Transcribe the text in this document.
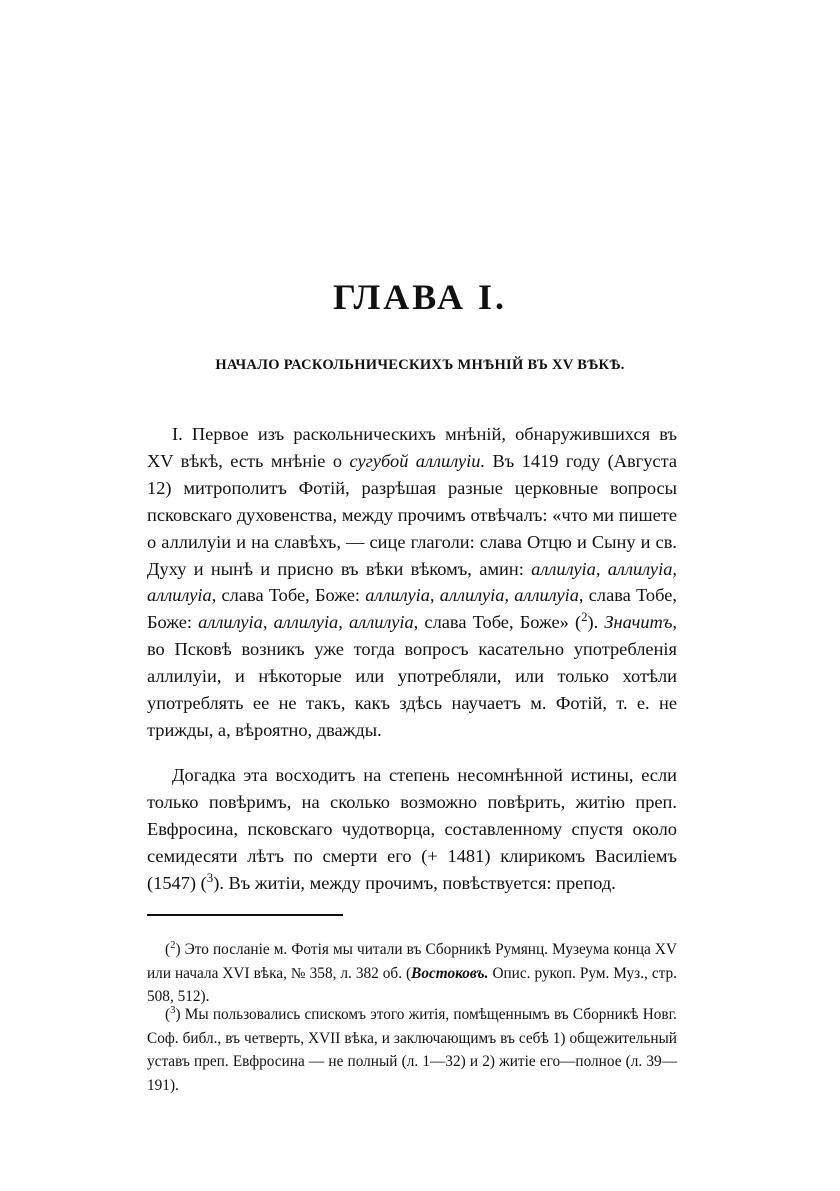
ГЛАВА I.
НАЧАЛО РАСКОЛЬНИЧЕСКИХЪ МНѢНІЙ ВЪ XV ВѢКѢ.

I. Первое изъ раскольническихъ мнѣній, обнаружившихся въ XV вѣкѣ, есть мнѣніе о сугубой аллилуіи. Въ 1419 году (Августа 12) митрополитъ Фотій, разрѣшая разные церковные вопросы псковскаго духовенства, между прочимъ отвѣчалъ: «что ми пишете о аллилуіи и на славѣхъ, — сице глаголи: слава Отцю и Сыну и св. Духу и нынѣ и присно въ вѣки вѣкомъ, амин: аллилуіа, аллилуіа, аллилуіа, слава Тобе, Боже: аллилуіа, аллилуіа, аллилуіа, слава Тобе, Боже: аллилуіа, аллилуіа, аллилуіа, слава Тобе, Боже» ($^2$). Значитъ, во Псковѣ возникъ уже тогда вопросъ касательно употребленія аллилуіи, и нѣкоторые или употребляли, или только хотѣли употреблять ее не такъ, какъ здѣсь научаетъ м. Фотій, т. е. не трижды, а, вѣроятно, дважды.

Догадка эта восходитъ на степень несомнѣнной истины, если только повѣримъ, на сколько возможно повѣрить, житію преп. Евфросина, псковскаго чудотворца, составленному спустя около семидесяти лѣтъ по смерти его (+ 1481) клирикомъ Василіемъ (1547) ($^3$). Въ житіи, между прочимъ, повѣствуется: препод.

($^2$) Это посланіе м. Фотія мы читали въ Сборникѣ Румянц. Музеума конца XV или начала XVI вѣка, № 358, л. 382 об. (Востоковъ. Опис. рукоп. Рум. Муз., стр. 508, 512).

($^3$) Мы пользовались спискомъ этого житія, помѣщеннымъ въ Сборникѣ Новг. Соф. библ., въ четверть, XVII вѣка, и заключающимъ въ себѣ 1) общежительный уставъ преп. Евфросина — не полный (л. 1—32) и 2) житіе его—полное (л. 39—191).
